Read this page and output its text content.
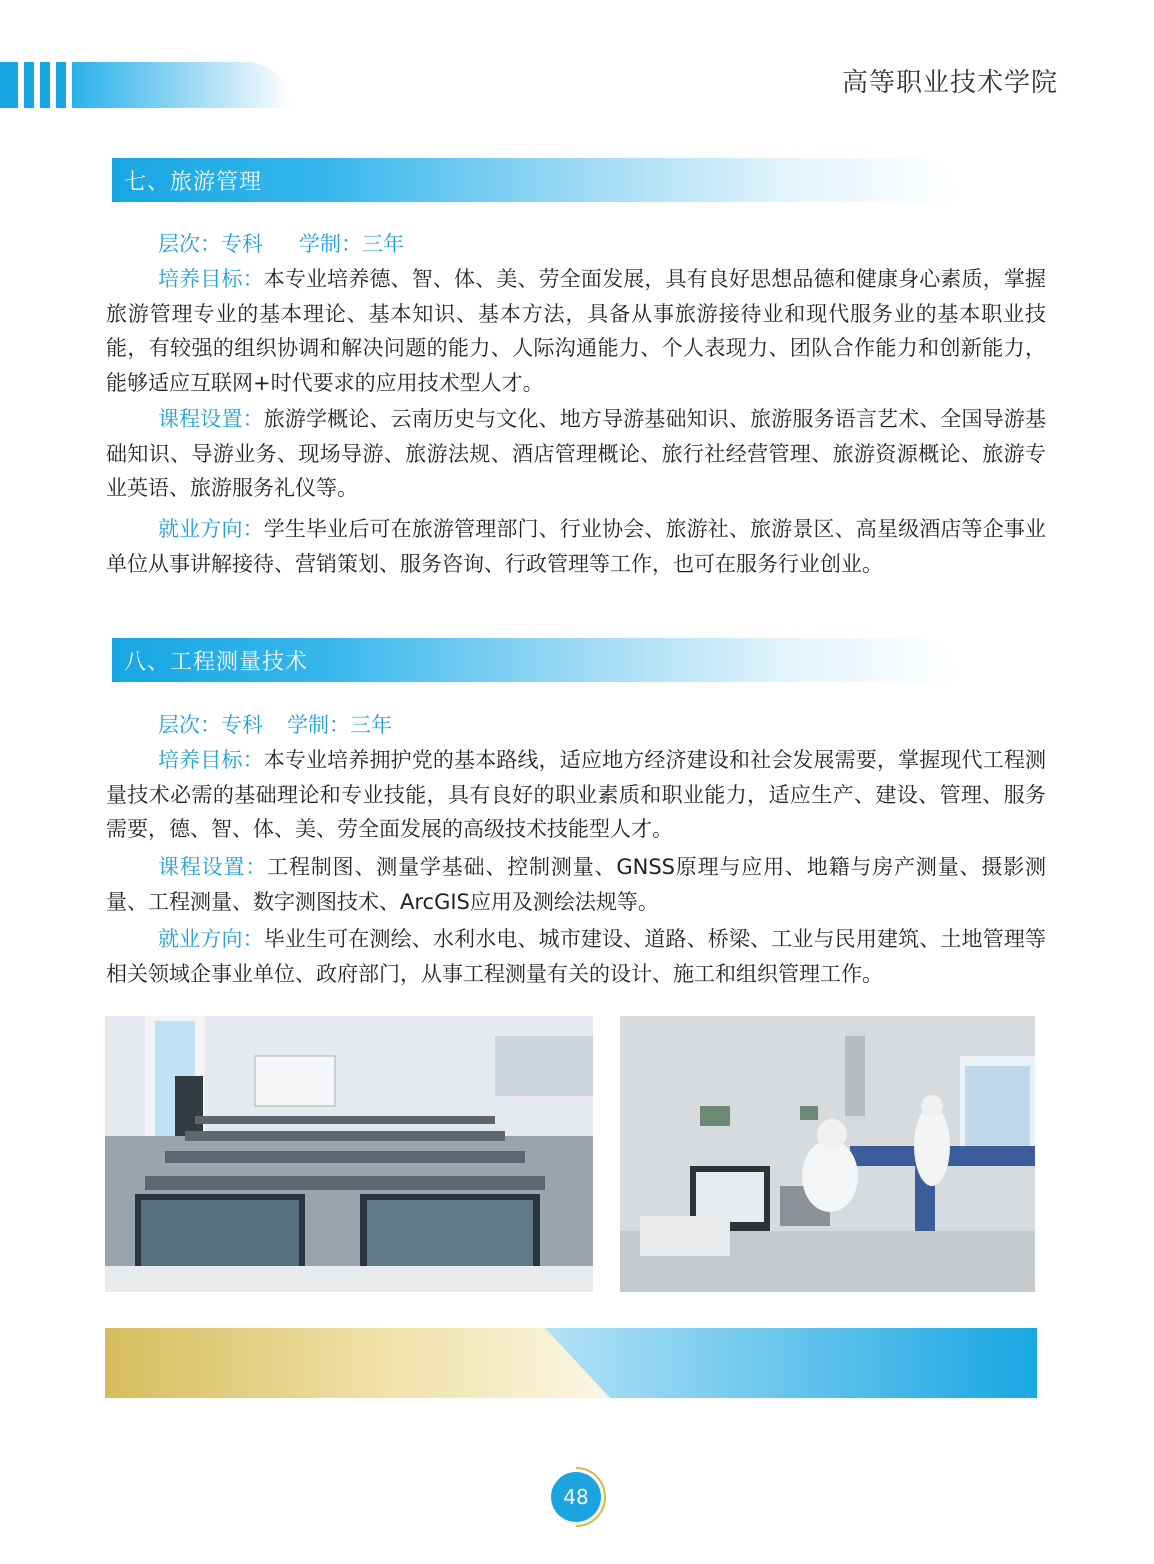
高等职业技术学院
七、旅游管理
层次：专科 学制：三年

培养目标：本专业培养德、智、体、美、劳全面发展，具有良好思想品德和健康身心素质，掌握旅游管理专业的基本理论、基本知识、基本方法，具备从事旅游接待业和现代服务业的基本职业技能，有较强的组织协调和解决问题的能力、人际沟通能力、个人表现力、团队合作能力和创新能力，能够适应互联网+时代要求的应用技术型人才。

课程设置：旅游学概论、云南历史与文化、地方导游基础知识、旅游服务语言艺术、全国导游基础知识、导游业务、现场导游、旅游法规、酒店管理概论、旅行社经营管理、旅游资源概论、旅游专业英语、旅游服务礼仪等。

就业方向：学生毕业后可在旅游管理部门、行业协会、旅游社、旅游景区、高星级酒店等企事业单位从事讲解接待、营销策划、服务咨询、行政管理等工作，也可在服务行业创业。

八、工程测量技术
层次：专科 学制：三年

培养目标：本专业培养拥护党的基本路线，适应地方经济建设和社会发展需要，掌握现代工程测量技术必需的基础理论和专业技能，具有良好的职业素质和职业能力，适应生产、建设、管理、服务需要，德、智、体、美、劳全面发展的高级技术技能型人才。

课程设置：工程制图、测量学基础、控制测量、GNSS原理与应用、地籍与房产测量、摄影测量、工程测量、数字测图技术、ArcGIS应用及测绘法规等。

就业方向：毕业生可在测绘、水利水电、城市建设、道路、桥梁、工业与民用建筑、土地管理等相关领域企事业单位、政府部门，从事工程测量有关的设计、施工和组织管理工作。

48
